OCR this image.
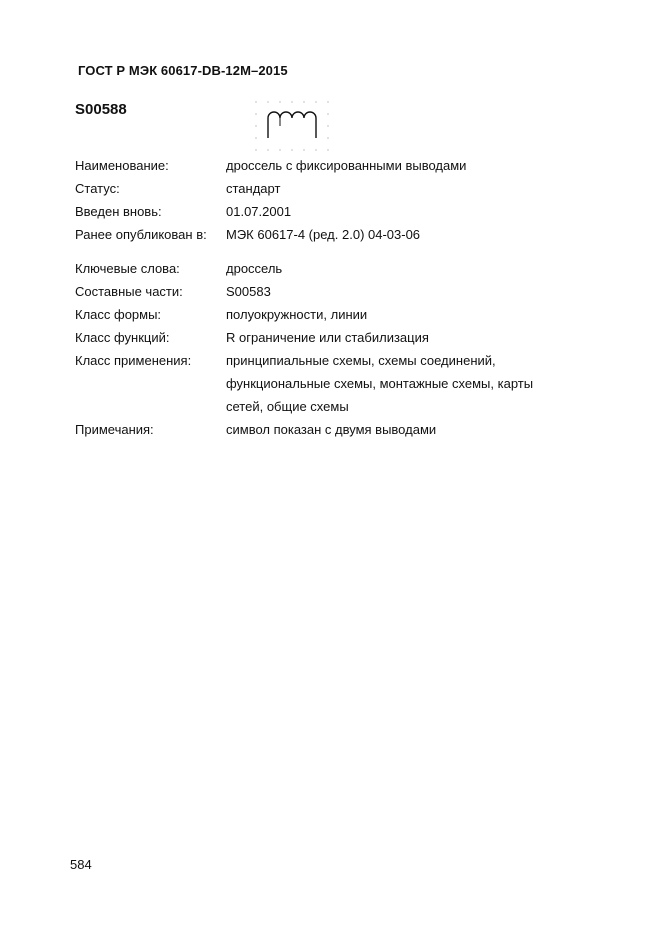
ГОСТ Р МЭК 60617-DB-12M–2015
S00588
Наименование:	дроссель с фиксированными выводами
Статус:	стандарт
Введен вновь:	01.07.2001
Ранее опубликован в:	МЭК 60617-4 (ред. 2.0) 04-03-06
Ключевые слова:	дроссель
Составные части:	S00583
Класс формы:	полуокружности, линии
Класс функций:	R ограничение или стабилизация
Класс применения:	принципиальные схемы, схемы соединений,
функциональные схемы, монтажные схемы, карты
сетей, общие схемы
Примечания:	символ показан с двумя выводами
584
